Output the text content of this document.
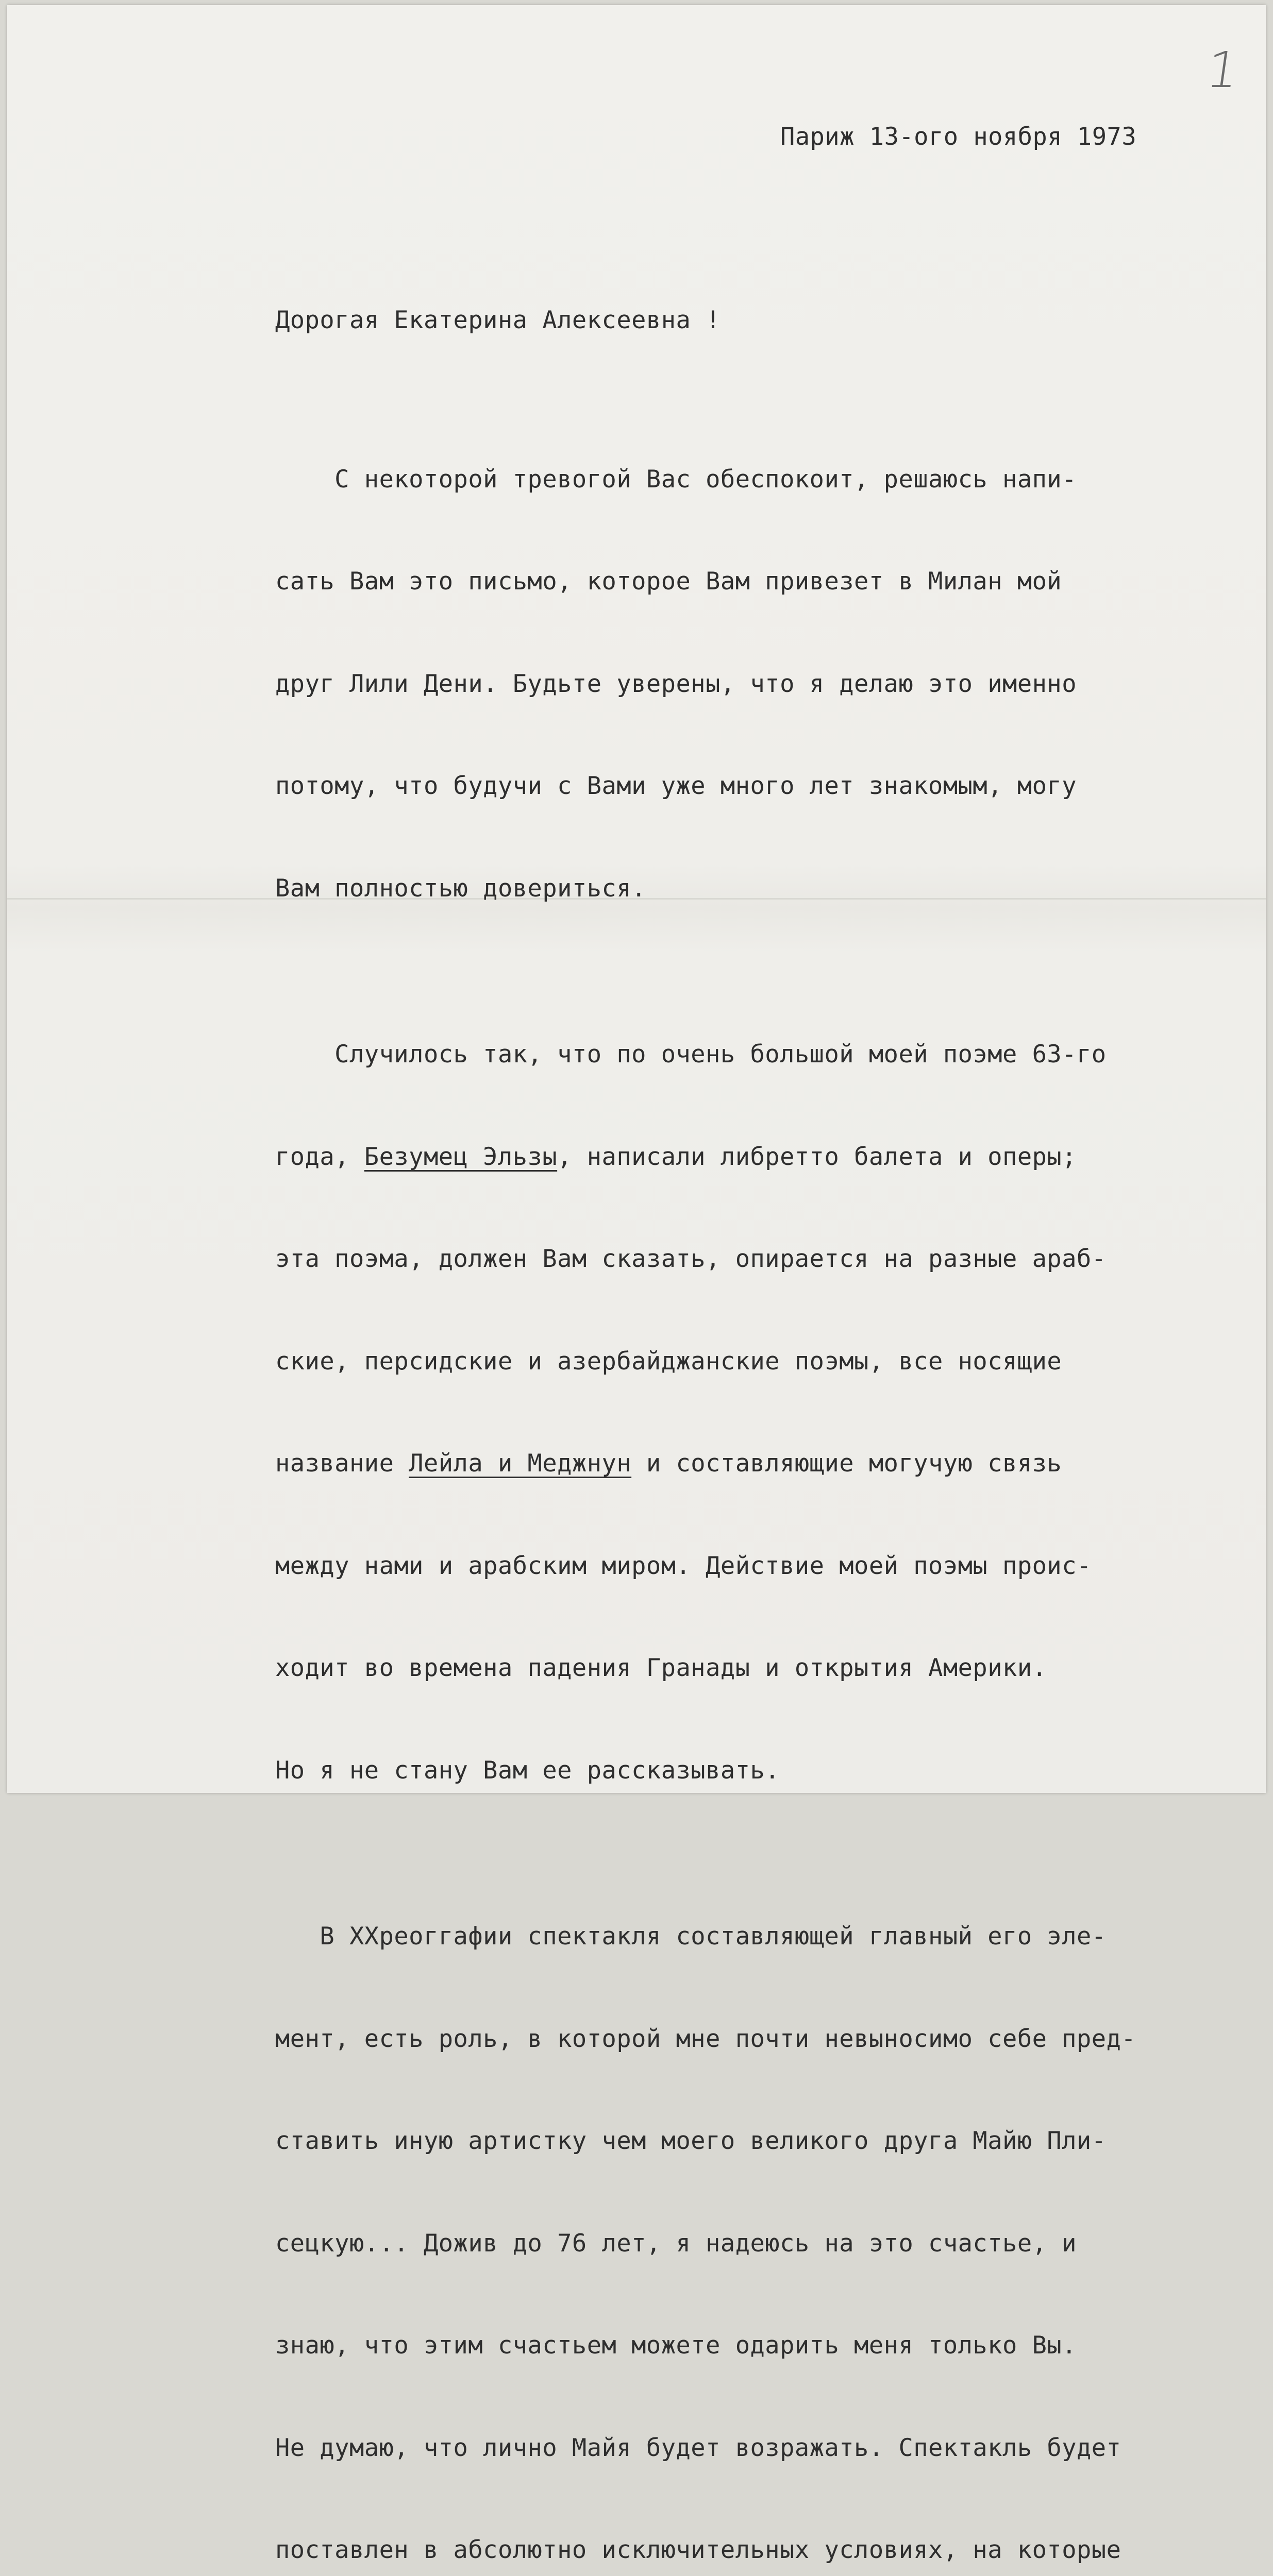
1
Париж 13-ого ноября 1973

Дорогая Екатерина Алексеевна !

С некоторой тревогой Вас обеспокоит, решаюсь напи-

сать Вам это письмо, которое Вам привезет в Милан мой

друг Лили Дени. Будьте уверены, что я делаю это именно

потому, что будучи с Вами уже много лет знакомым, могу

Вам полностью довериться.

Случилось так, что по очень большой моей поэме 63-го

года, Безумец Эльзы, написали либретто балета и оперы;

эта поэма, должен Вам сказать, опирается на разные араб-

ские, персидские и азербайджанские поэмы, все носящие

название Лейла и Меджнун и составляющие могучую связь

между нами и арабским миром. Действие моей поэмы проис-

ходит во времена падения Гранады и открытия Америки.

Но я не стану Вам ее рассказывать.

В ХХреоггафии спектакля составляющей главный его эле-

мент, есть роль, в которой мне почти невыносимо себе пред-

ставить иную артистку чем моего великого друга Майю Пли-

сецкую... Дожив до 76 лет, я надеюсь на это счастье, и

знаю, что этим счастьем можете одарить меня только Вы.

Не думаю, что лично Майя будет возражать. Спектакль будет

поставлен в абсолютно исключительных условиях, на которые
